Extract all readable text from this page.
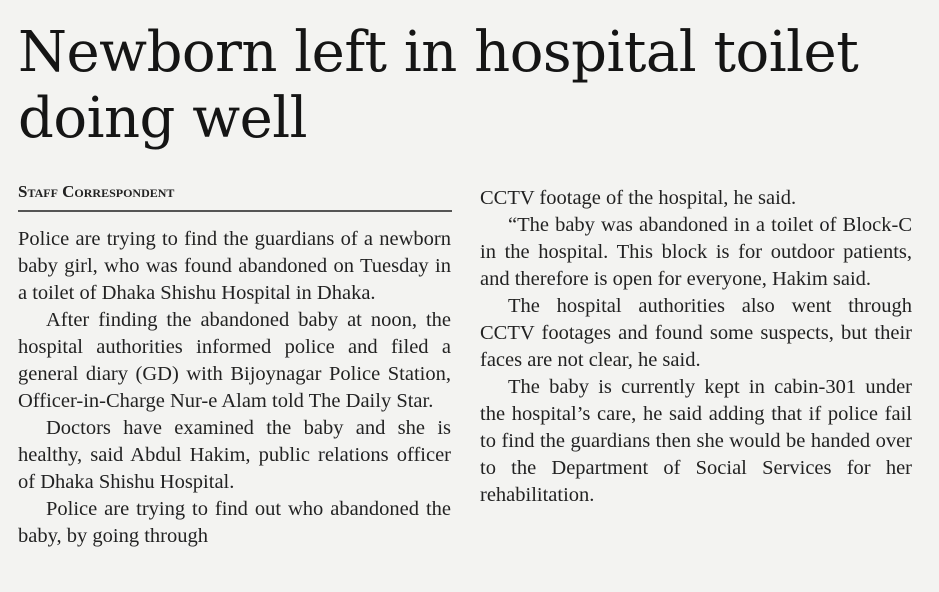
Newborn left in hospital toilet doing well
Staff Correspondent

Police are trying to find the guardians of a newborn baby girl, who was found abandoned on Tuesday in a toilet of Dhaka Shishu Hospital in Dhaka.

After finding the abandoned baby at noon, the hospital authorities informed police and filed a general diary (GD) with Bijoynagar Police Station, Officer-in-Charge Nur-e Alam told The Daily Star.

Doctors have examined the baby and she is healthy, said Abdul Hakim, public relations officer of Dhaka Shishu Hospital.

Police are trying to find out who abandoned the baby, by going through

CCTV footage of the hospital, he said.

“The baby was abandoned in a toilet of Block-C in the hospital. This block is for outdoor patients, and therefore is open for everyone, Hakim said.

The hospital authorities also went through CCTV footages and found some suspects, but their faces are not clear, he said.

The baby is currently kept in cabin-301 under the hospital’s care, he said adding that if police fail to find the guardians then she would be handed over to the Department of Social Services for her rehabilitation.
